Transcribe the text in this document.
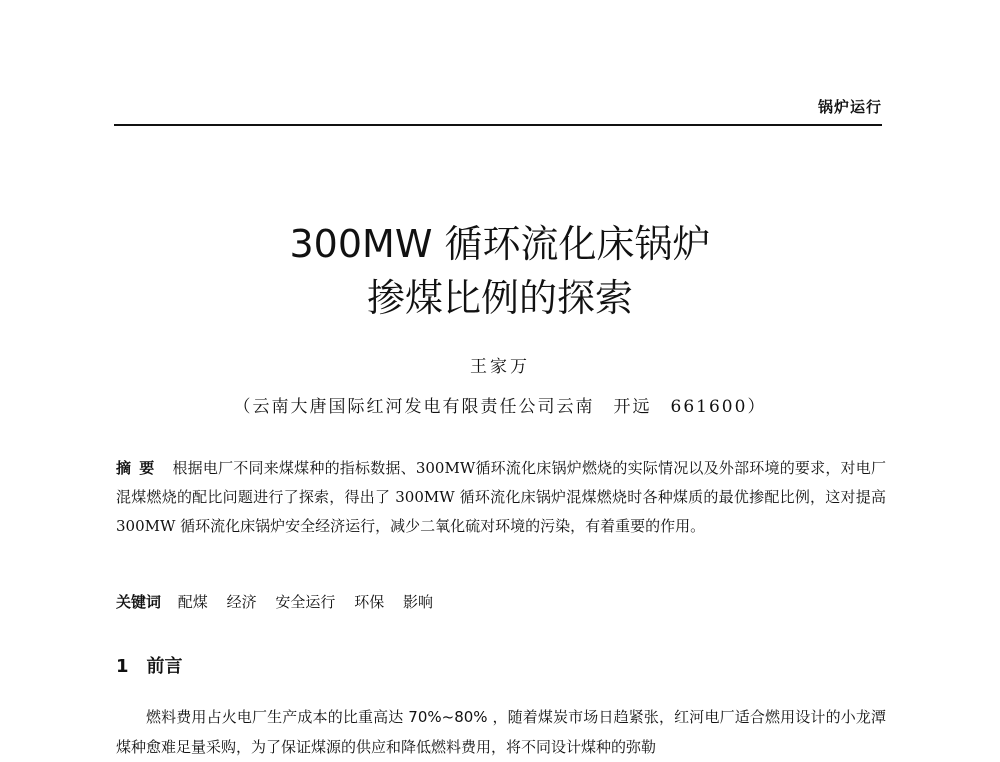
锅炉运行
300MW 循环流化床锅炉
掺煤比例的探索
王家万
（云南大唐国际红河发电有限责任公司云南　开远　661600）

摘要 根据电厂不同来煤煤种的指标数据、300MW循环流化床锅炉燃烧的实际情况以及外部环境的要求，对电厂混煤燃烧的配比问题进行了探索，得出了 300MW 循环流化床锅炉混煤燃烧时各种煤质的最优掺配比例，这对提高 300MW 循环流化床锅炉安全经济运行，减少二氧化硫对环境的污染，有着重要的作用。

关键词 配煤 经济 安全运行 环保 影响
1 前言

燃料费用占火电厂生产成本的比重高达 70%~80% ，随着煤炭市场日趋紧张，红河电厂适合燃用设计的小龙潭煤种愈难足量采购，为了保证煤源的供应和降低燃料费用，将不同设计煤种的弥勒
